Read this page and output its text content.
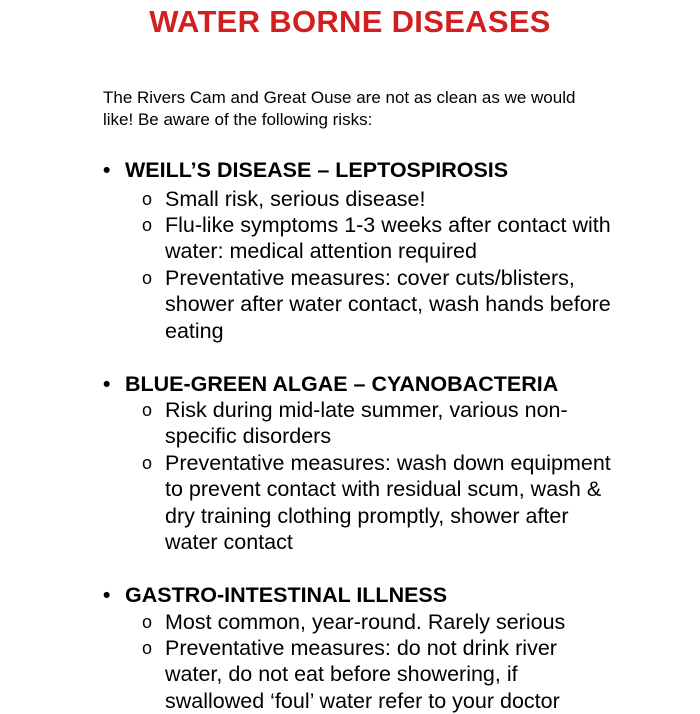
WATER BORNE DISEASES

The Rivers Cam and Great Ouse are not as clean as we would like! Be aware of the following risks:

• WEILL’S DISEASE – LEPTOSPIROSIS

o Small risk, serious disease!

o Flu-like symptoms 1-3 weeks after contact with water: medical attention required

o Preventative measures: cover cuts/blisters, shower after water contact, wash hands before eating

• BLUE-GREEN ALGAE – CYANOBACTERIA

o Risk during mid-late summer, various non-specific disorders

o Preventative measures: wash down equipment to prevent contact with residual scum, wash & dry training clothing promptly, shower after water contact

• GASTRO-INTESTINAL ILLNESS

o Most common, year-round. Rarely serious

o Preventative measures: do not drink river water, do not eat before showering, if swallowed ‘foul’ water refer to your doctor
